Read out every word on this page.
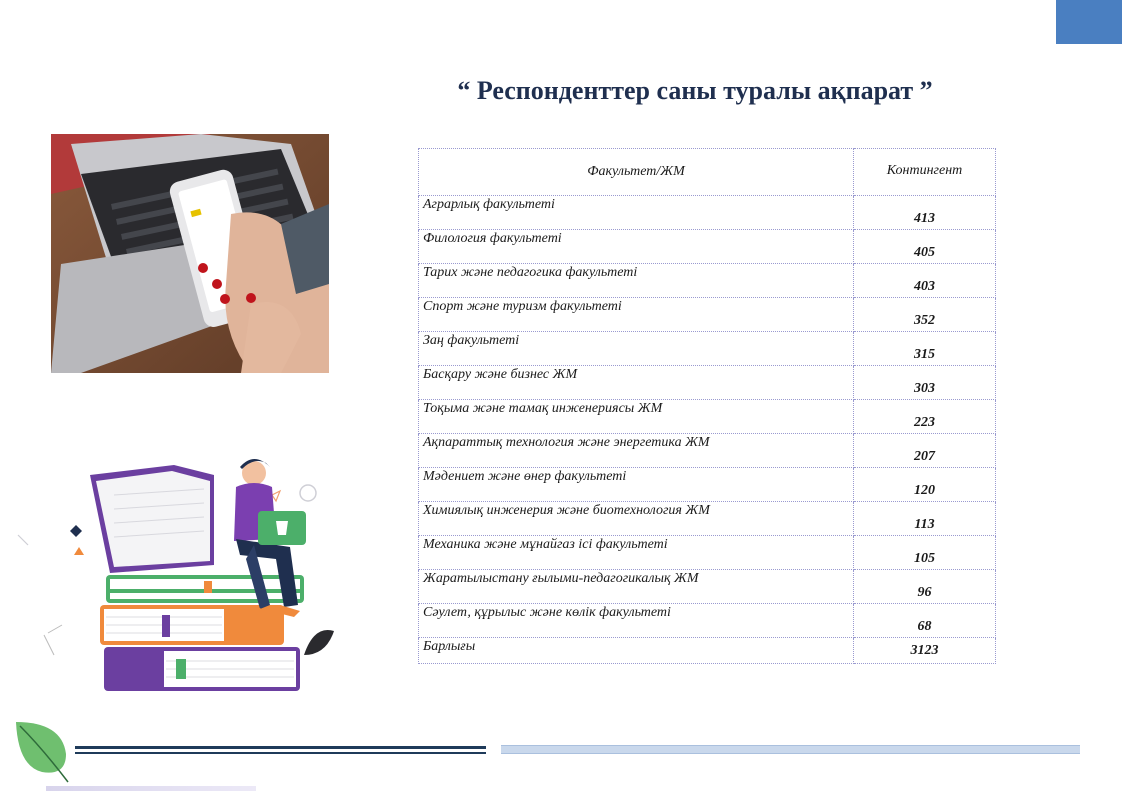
“ Респонденттер саны туралы ақпарат ”
Факультет/ЖМ	Контингент
Аграрлық факультеті	413
Филология факультеті	405
Тарих және педагогика факультеті	403
Спорт және туризм факультеті	352
Заң факультеті	315
Басқару және бизнес ЖМ	303
Тоқыма және тамақ инженериясы ЖМ	223
Ақпараттық технология және энергетика ЖМ	207
Мәдениет және өнер факультеті	120
Химиялық инженерия және биотехнология ЖМ	113
Механика және мұнайгаз ісі факультеті	105
Жаратылыстану ғылыми-педагогикалық ЖМ	96
Сәулет, құрылыс және көлік факультеті	68
Барлығы	3123
